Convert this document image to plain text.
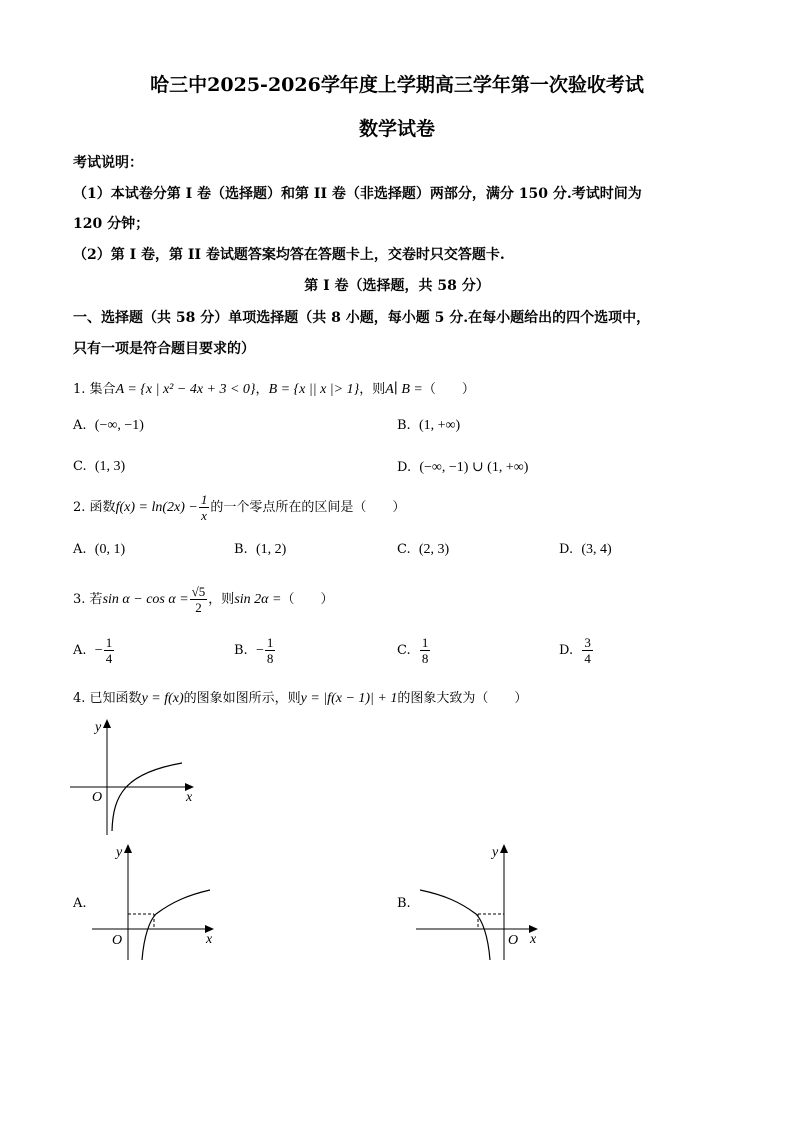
哈三中2025-2026学年度上学期高三学年第一次验收考试
数学试卷
考试说明：
（1）本试卷分第 I 卷（选择题）和第 II 卷（非选择题）两部分，满分 150 分.考试时间为
120 分钟；
（2）第 I 卷，第 II 卷试题答案均答在答题卡上，交卷时只交答题卡.
第 I 卷（选择题，共 58 分）
一、选择题（共 58 分）单项选择题（共 8 小题，每小题 5 分.在每小题给出的四个选项中，
只有一项是符合题目要求的）
1. 集合A = {x | x² − 4x + 3 < 0}，B = {x || x |> 1}，则A∣ B =（　　）
A. (−∞, −1)	B. (1, +∞)
C. (1, 3)	D. (−∞, −1) ∪ (1, +∞)
2. 函数$f(x) = \ln(2x) - \frac{1}{x}$ 的一个零点所在的区间是（　　）
A. (0, 1)	B. (1, 2)	C. (2, 3)	D. (3, 4)
3. 若$\sin \alpha - \cos \alpha = \frac{√5}{2}$ ，则sin 2α =（　　）
A. − $\frac{1}{4}$	B. − $\frac{1}{8}$	C. $\frac{1}{8}$	D. $\frac{3}{4}$
4. 已知函数y = f(x)的图象如图所示，则y = |f(x − 1)| + 1的图象大致为（　　）
y
x
O
A.
y
x
O
B.
y
x
O
